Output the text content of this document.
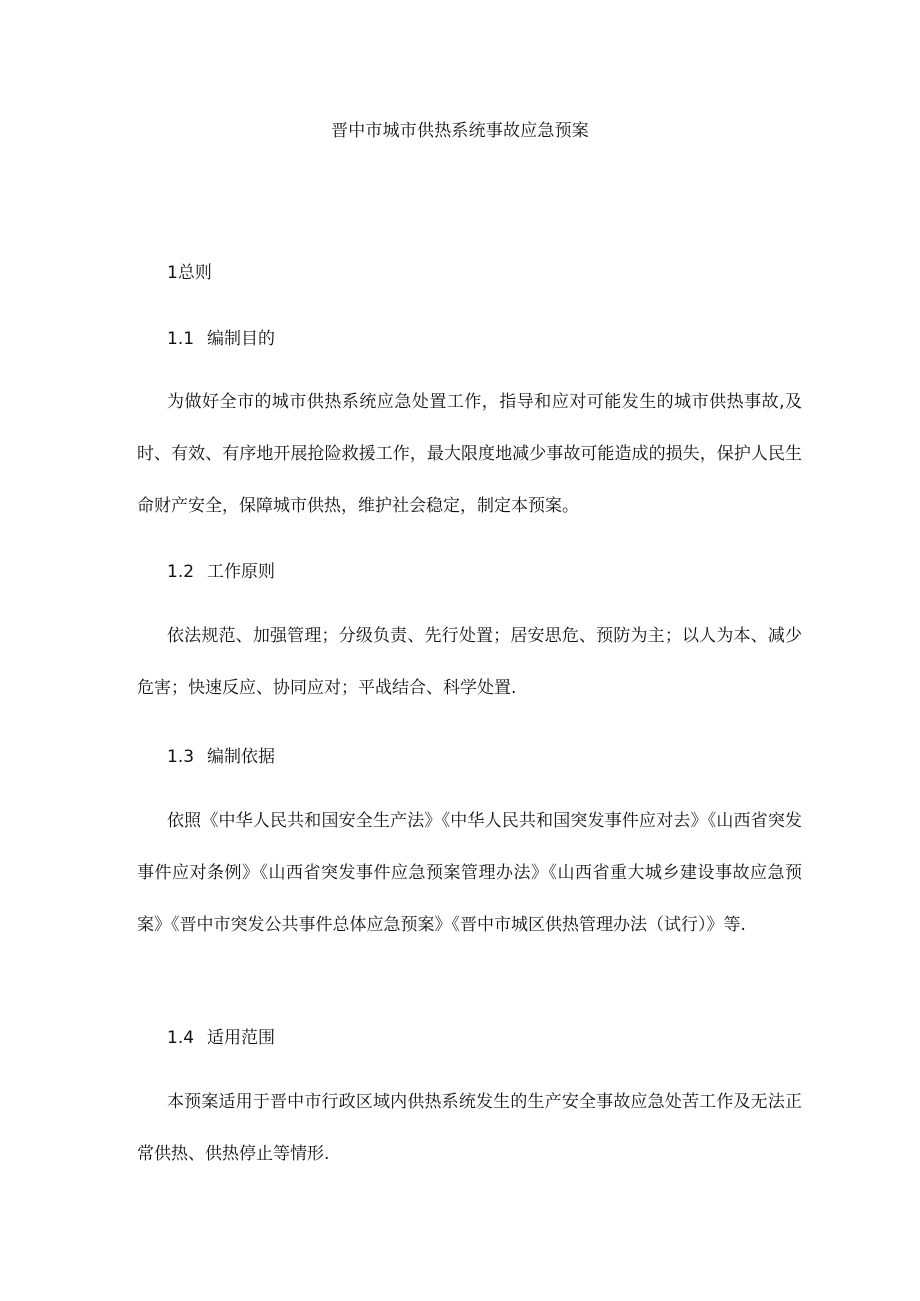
晋中市城市供热系统事故应急预案
1总则
1.1 编制目的
为做好全市的城市供热系统应急处置工作，指导和应对可能发生的城市供热事故,及时、有效、有序地开展抢险救援工作，最大限度地减少事故可能造成的损失，保护人民生命财产安全，保障城市供热，维护社会稳定，制定本预案。
1.2 工作原则
依法规范、加强管理；分级负责、先行处置；居安思危、预防为主；以人为本、减少危害；快速反应、协同应对；平战结合、科学处置.
1.3 编制依据
依照《中华人民共和国安全生产法》《中华人民共和国突发事件应对去》《山西省突发事件应对条例》《山西省突发事件应急预案管理办法》《山西省重大城乡建设事故应急预案》《晋中市突发公共事件总体应急预案》《晋中市城区供热管理办法（试行）》等.
1.4 适用范围
本预案适用于晋中市行政区域内供热系统发生的生产安全事故应急处苦工作及无法正常供热、供热停止等情形.
